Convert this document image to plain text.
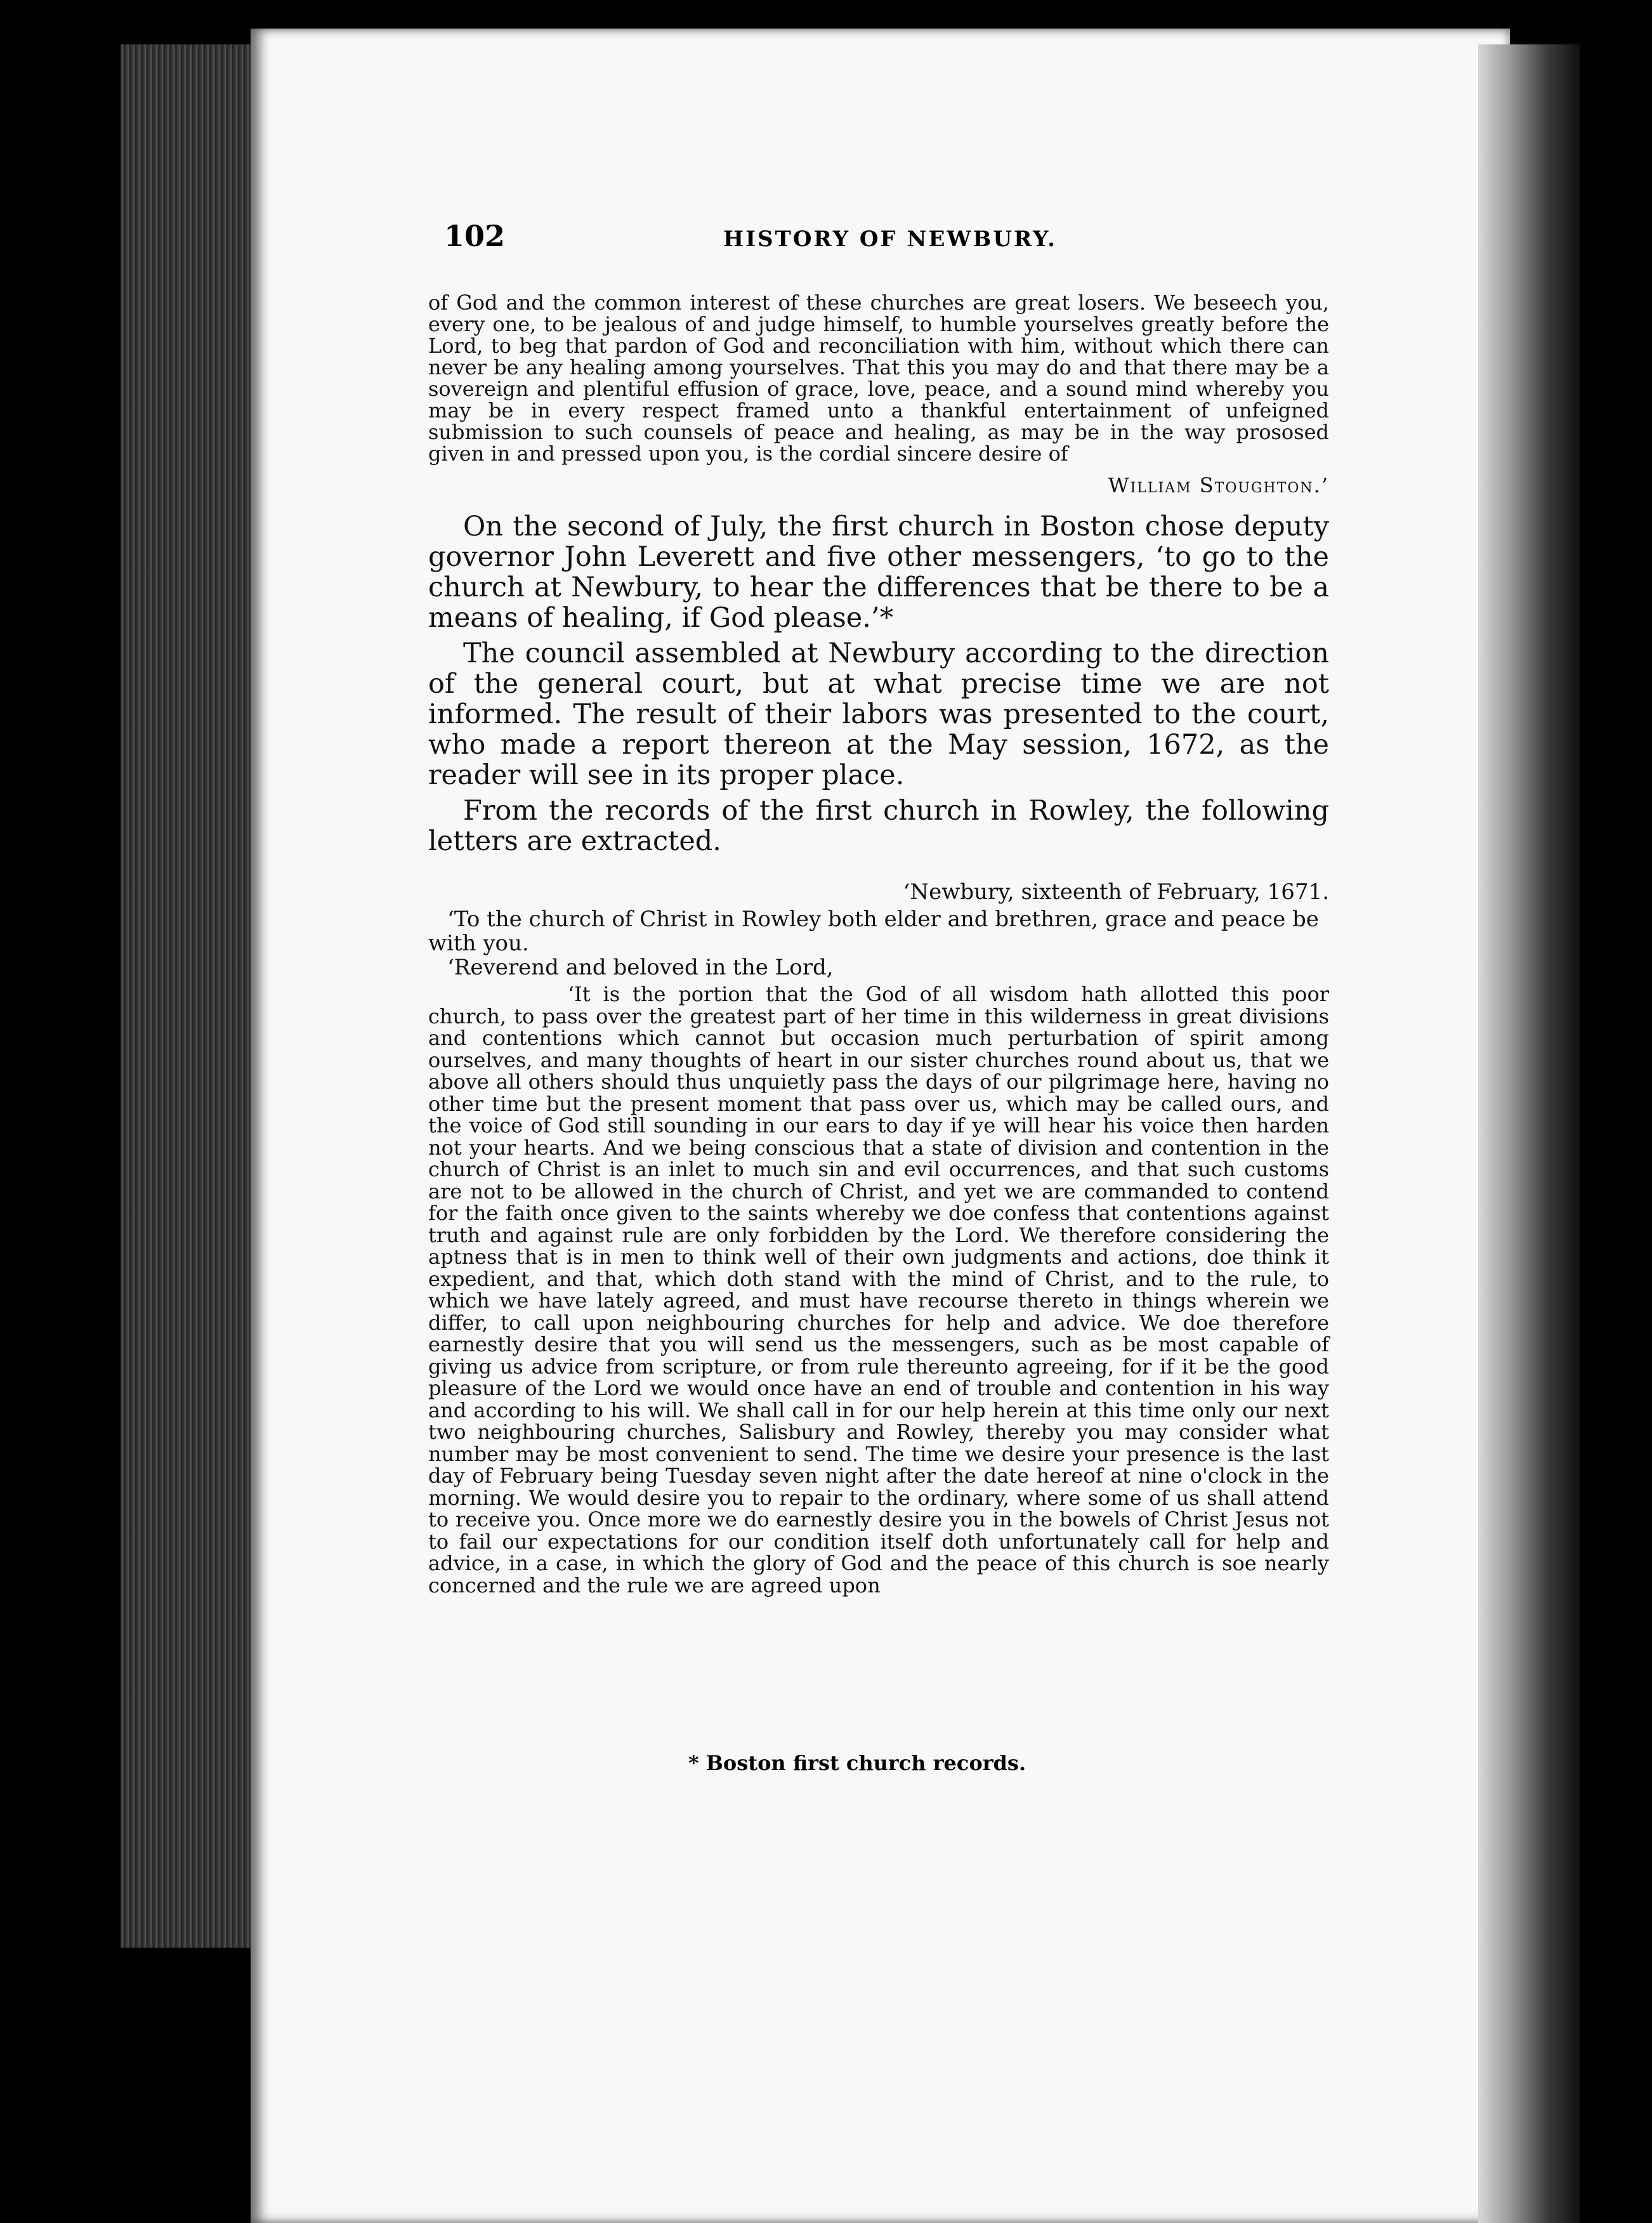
102	HISTORY OF NEWBURY.

of God and the common interest of these churches are great losers. We beseech you, every one, to be jealous of and judge himself, to humble yourselves greatly before the Lord, to beg that pardon of God and reconciliation with him, without which there can never be any healing among yourselves. That this you may do and that there may be a sovereign and plentiful effusion of grace, love, peace, and a sound mind whereby you may be in every respect framed unto a thankful entertainment of unfeigned submission to such counsels of peace and healing, as may be in the way prososed given in and pressed upon you, is the cordial sincere desire of

William Stoughton.’

On the second of July, the first church in Boston chose deputy governor John Leverett and five other messengers, ‘to go to the church at Newbury, to hear the differences that be there to be a means of healing, if God please.’*

The council assembled at Newbury according to the direction of the general court, but at what precise time we are not informed. The result of their labors was presented to the court, who made a report thereon at the May session, 1672, as the reader will see in its proper place.

From the records of the first church in Rowley, the following letters are extracted.

‘Newbury, sixteenth of February, 1671.

‘To the church of Christ in Rowley both elder and brethren, grace and peace be with you.

‘Reverend and beloved in the Lord,

‘It is the portion that the God of all wisdom hath allotted this poor church, to pass over the greatest part of her time in this wilderness in great divisions and contentions which cannot but occasion much perturbation of spirit among ourselves, and many thoughts of heart in our sister churches round about us, that we above all others should thus unquietly pass the days of our pilgrimage here, having no other time but the present moment that pass over us, which may be called ours, and the voice of God still sounding in our ears to day if ye will hear his voice then harden not your hearts. And we being conscious that a state of division and contention in the church of Christ is an inlet to much sin and evil occurrences, and that such customs are not to be allowed in the church of Christ, and yet we are commanded to contend for the faith once given to the saints whereby we doe confess that contentions against truth and against rule are only forbidden by the Lord. We therefore considering the aptness that is in men to think well of their own judgments and actions, doe think it expedient, and that, which doth stand with the mind of Christ, and to the rule, to which we have lately agreed, and must have recourse thereto in things wherein we differ, to call upon neighbouring churches for help and advice. We doe therefore earnestly desire that you will send us the messengers, such as be most capable of giving us advice from scripture, or from rule thereunto agreeing, for if it be the good pleasure of the Lord we would once have an end of trouble and contention in his way and according to his will. We shall call in for our help herein at this time only our next two neighbouring churches, Salisbury and Rowley, thereby you may consider what number may be most convenient to send. The time we desire your presence is the last day of February being Tuesday seven night after the date hereof at nine o'clock in the morning. We would desire you to repair to the ordinary, where some of us shall attend to receive you. Once more we do earnestly desire you in the bowels of Christ Jesus not to fail our expectations for our condition itself doth unfortunately call for help and advice, in a case, in which the glory of God and the peace of this church is soe nearly concerned and the rule we are agreed upon

* Boston first church records.
